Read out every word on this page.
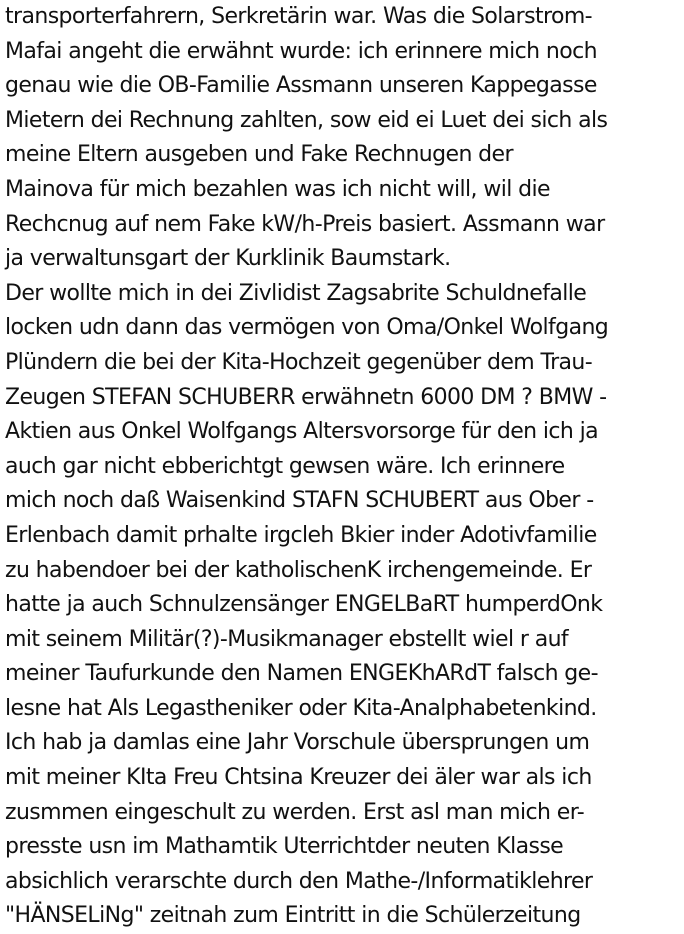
transporterfahrern, Serkretärin war. Was die Solarstrom-
Mafai angeht die erwähnt wurde: ich erinnere mich noch
genau wie die OB-Familie Assmann unseren Kappegasse
Mietern dei Rechnung zahlten, sow eid ei Luet dei sich als
meine Eltern ausgeben und Fake Rechnugen der
Mainova für mich bezahlen was ich nicht will, wil die
Rechcnug auf nem Fake kW/h-Preis basiert. Assmann war
ja verwaltunsgart der Kurklinik Baumstark.
Der wollte mich in dei Zivlidist Zagsabrite Schuldnefalle
locken udn dann das vermögen von Oma/Onkel Wolfgang
Plündern die bei der Kita-Hochzeit gegenüber dem Trau-
Zeugen STEFAN SCHUBERR erwähnetn 6000 DM ? BMW -
Aktien aus Onkel Wolfgangs Altersvorsorge für den ich ja
auch gar nicht ebberichtgt gewsen wäre. Ich erinnere
mich noch daß Waisenkind STAFN SCHUBERT aus Ober -
Erlenbach damit prhalte irgcleh Bkier inder Adotivfamilie
zu habendoer bei der katholischenK irchengemeinde. Er
hatte ja auch Schnulzensänger ENGELBaRT humperdOnk
mit seinem Militär(?)-Musikmanager ebstellt wiel r auf
meiner Taufurkunde den Namen ENGEKhARdT falsch ge-
lesne hat Als Legastheniker oder Kita-Analphabetenkind.
Ich hab ja damlas eine Jahr Vorschule übersprungen um
mit meiner KIta Freu Chtsina Kreuzer dei äler war als ich
zusmmen eingeschult zu werden. Erst asl man mich er-
presste usn im Mathamtik Uterrichtder neuten Klasse
absichlich verarschte durch den Mathe-/Informatiklehrer
"HÄNSELiNg" zeitnah zum Eintritt in die Schülerzeitung
